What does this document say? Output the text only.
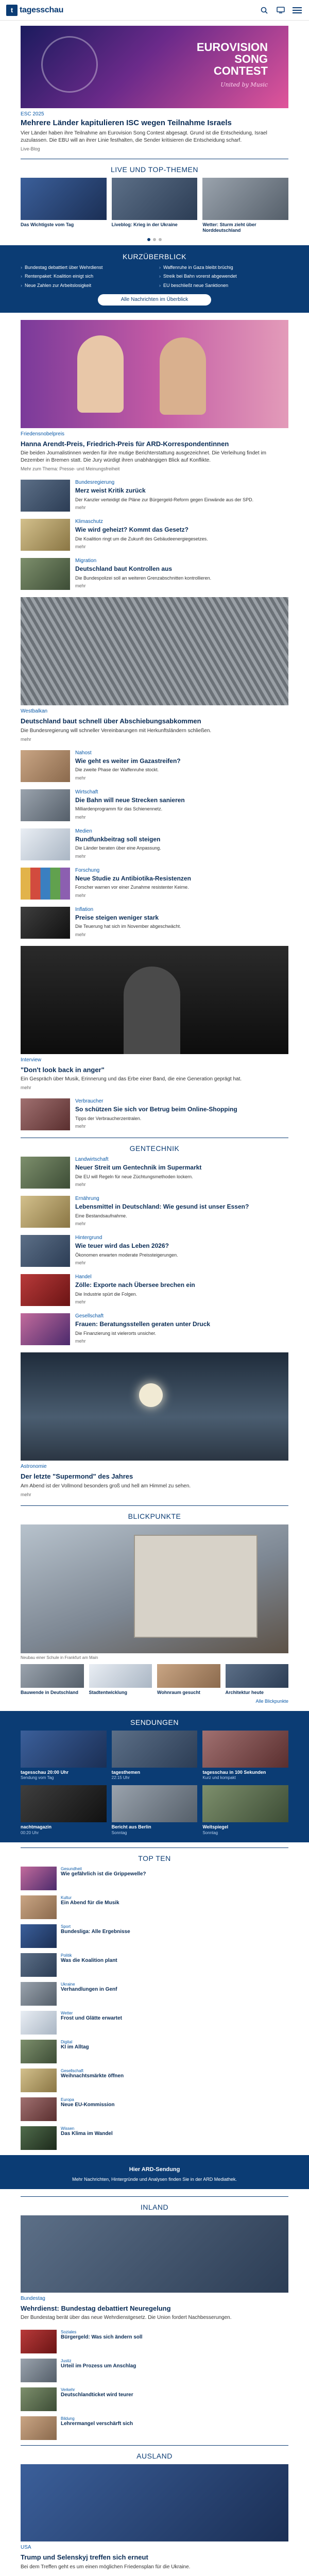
t tagesschau
EUROVISION SONG CONTEST
United by Music
ESC 2025
Mehrere Länder kapitulieren ISC wegen Teilnahme Israels
Vier Länder haben ihre Teilnahme am Eurovision Song Contest abgesagt. Grund ist die Entscheidung, Israel zuzulassen. Die EBU will an ihrer Linie festhalten, die Sender kritisieren die Entscheidung scharf.
Live-Blog
LIVE UND TOP-THEMEN
Das Wichtigste vom Tag	Liveblog: Krieg in der Ukraine	Wetter: Sturm zieht über Norddeutschland
KURZÜBERBLICK
› Bundestag debattiert über Wehrdienst	› Waffenruhe in Gaza bleibt brüchig
› Rentenpaket: Koalition einigt sich	› Streik bei Bahn vorerst abgewendet
› Neue Zahlen zur Arbeitslosigkeit	› EU beschließt neue Sanktionen
Alle Nachrichten im Überblick
Friedensnobelpreis
Hanna Arendt-Preis, Friedrich-Preis für ARD-Korrespondentinnen
Die beiden Journalistinnen werden für ihre mutige Berichterstattung ausgezeichnet. Die Verleihung findet im Dezember in Bremen statt. Die Jury würdigt ihren unabhängigen Blick auf Konflikte.
Mehr zum Thema: Presse- und Meinungsfreiheit
Bundesregierung
Merz weist Kritik zurück
Der Kanzler verteidigt die Pläne zur Bürgergeld-Reform gegen Einwände aus der SPD.
mehr
Klimaschutz
Wie wird geheizt? Kommt das Gesetz?
Die Koalition ringt um die Zukunft des Gebäudeenergiegesetzes.
mehr
Migration
Deutschland baut Kontrollen aus
Die Bundespolizei soll an weiteren Grenzabschnitten kontrollieren.
mehr
Westbalkan
Deutschland baut schnell über Abschiebungsabkommen
Die Bundesregierung will schneller Vereinbarungen mit Herkunftsländern schließen.
mehr
Nahost
Wie geht es weiter im Gazastreifen?
Die zweite Phase der Waffenruhe stockt.
mehr
Wirtschaft
Die Bahn will neue Strecken sanieren
Milliardenprogramm für das Schienennetz.
mehr
Medien
Rundfunkbeitrag soll steigen
Die Länder beraten über eine Anpassung.
mehr
Forschung
Neue Studie zu Antibiotika-Resistenzen
Forscher warnen vor einer Zunahme resistenter Keime.
mehr
Inflation
Preise steigen weniger stark
Die Teuerung hat sich im November abgeschwächt.
mehr
Interview
"Don't look back in anger"
Ein Gespräch über Musik, Erinnerung und das Erbe einer Band, die eine Generation geprägt hat.
mehr
Verbraucher
So schützen Sie sich vor Betrug beim Online-Shopping
Tipps der Verbraucherzentralen.
mehr
GENTECHNIK
Landwirtschaft
Neuer Streit um Gentechnik im Supermarkt
Die EU will Regeln für neue Züchtungsmethoden lockern.
mehr
Ernährung
Lebensmittel in Deutschland: Wie gesund ist unser Essen?
Eine Bestandsaufnahme.
mehr
Hintergrund
Wie teuer wird das Leben 2026?
Ökonomen erwarten moderate Preissteigerungen.
mehr
Handel
Zölle: Exporte nach Übersee brechen ein
Die Industrie spürt die Folgen.
mehr
Gesellschaft
Frauen: Beratungsstellen geraten unter Druck
Die Finanzierung ist vielerorts unsicher.
mehr
Astronomie
Der letzte "Supermond" des Jahres
Am Abend ist der Vollmond besonders groß und hell am Himmel zu sehen.
mehr
BLICKPUNKTE
Neubau einer Schule in Frankfurt am Main
Bauwende in Deutschland	Stadtentwicklung	Wohnraum gesucht	Architektur heute
Alle Blickpunkte
SENDUNGEN
tagesschau 20:00 Uhr
Sendung vom Tag
tagesthemen
22:15 Uhr
tagesschau in 100 Sekunden
Kurz und kompakt
nachtmagazin
00:20 Uhr
Bericht aus Berlin
Sonntag
Weltspiegel
Sonntag
TOP TEN
Gesundheit
Wie gefährlich ist die Grippewelle?
Kultur
Ein Abend für die Musik
Sport
Bundesliga: Alle Ergebnisse
Politik
Was die Koalition plant
Ukraine
Verhandlungen in Genf
Wetter
Frost und Glätte erwartet
Digital
KI im Alltag
Gesellschaft
Weihnachtsmärkte öffnen
Europa
Neue EU-Kommission
Wissen
Das Klima im Wandel
Hier ARD-Sendung
Mehr Nachrichten, Hintergründe und Analysen finden Sie in der ARD Mediathek.
INLAND
Bundestag
Wehrdienst: Bundestag debattiert Neuregelung
Der Bundestag berät über das neue Wehrdienstgesetz. Die Union fordert Nachbesserungen.
Soziales
Bürgergeld: Was sich ändern soll
Justiz
Urteil im Prozess um Anschlag
Verkehr
Deutschlandticket wird teurer
Bildung
Lehrermangel verschärft sich
AUSLAND
USA
Trump und Selenskyj treffen sich erneut
Bei dem Treffen geht es um einen möglichen Friedensplan für die Ukraine.
